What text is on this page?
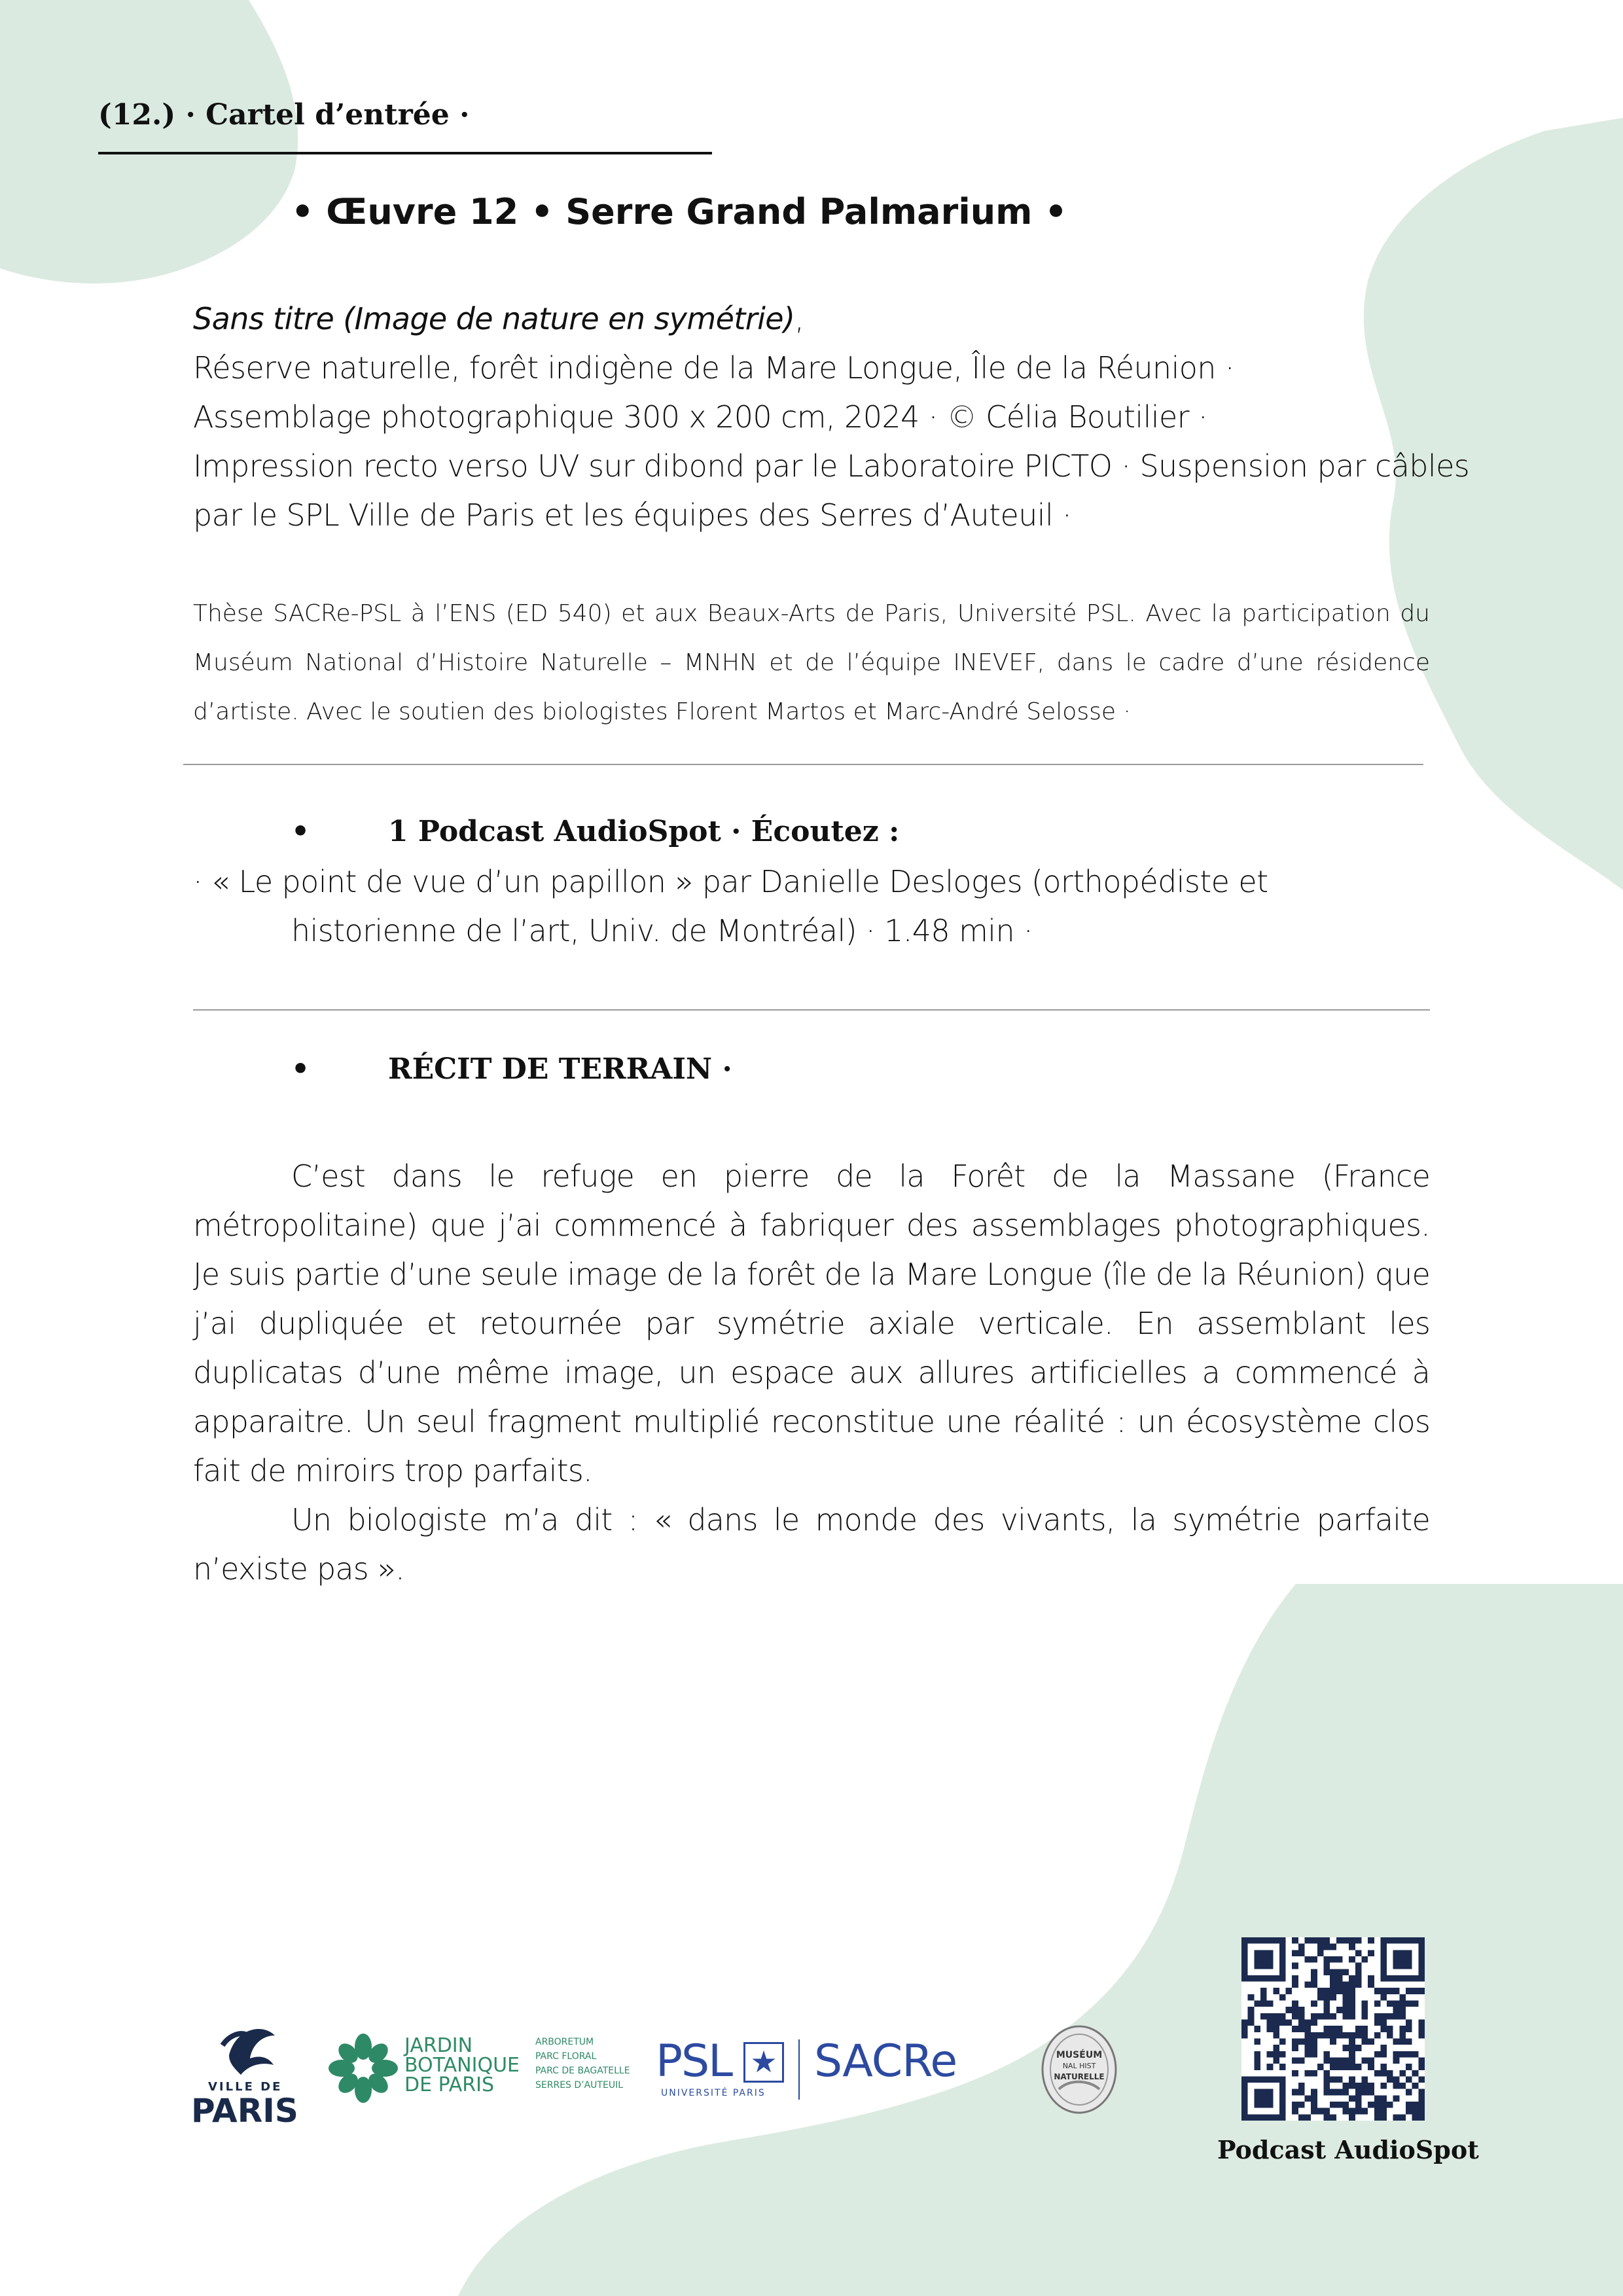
(12.) · Cartel d’entrée ·
• Œuvre 12 • Serre Grand Palmarium •
Sans titre (Image de nature en symétrie),
Réserve naturelle, forêt indigène de la Mare Longue, Île de la Réunion ·
Assemblage photographique 300 x 200 cm, 2024 · © Célia Boutilier ·
Impression recto verso UV sur dibond par le Laboratoire PICTO · Suspension par câbles
par le SPL Ville de Paris et les équipes des Serres d’Auteuil ·
Thèse SACRe-PSL à l’ENS (ED 540) et aux Beaux-Arts de Paris, Université PSL. Avec la participation du Muséum National d’Histoire Naturelle – MNHN et de l’équipe INEVEF, dans le cadre d’une résidence d’artiste. Avec le soutien des biologistes Florent Martos et Marc-André Selosse ·
•	1 Podcast AudioSpot · Écoutez :
· « Le point de vue d’un papillon » par Danielle Desloges (orthopédiste et historienne de l’art, Univ. de Montréal) · 1.48 min ·
•	RÉCIT DE TERRAIN ·

C’est dans le refuge en pierre de la Forêt de la Massane (France métropolitaine) que j’ai commencé à fabriquer des assemblages photographiques. Je suis partie d’une seule image de la forêt de la Mare Longue (île de la Réunion) que j’ai dupliquée et retournée par symétrie axiale verticale. En assemblant les duplicatas d’une même image, un espace aux allures artificielles a commencé à apparaitre. Un seul fragment multiplié reconstitue une réalité : un écosystème clos fait de miroirs trop parfaits.

Un biologiste m’a dit : « dans le monde des vivants, la symétrie parfaite n’existe pas ».

VILLE DE
PARIS
JARDIN
BOTANIQUE
DE PARIS
ARBORETUM
PARC FLORAL
PARC DE BAGATELLE
SERRES D’AUTEUIL PSL ★
UNIVERSITÉ PARIS
SACRe	MUSÉUM
NAL HIST
NATURELLE
Podcast AudioSpot
